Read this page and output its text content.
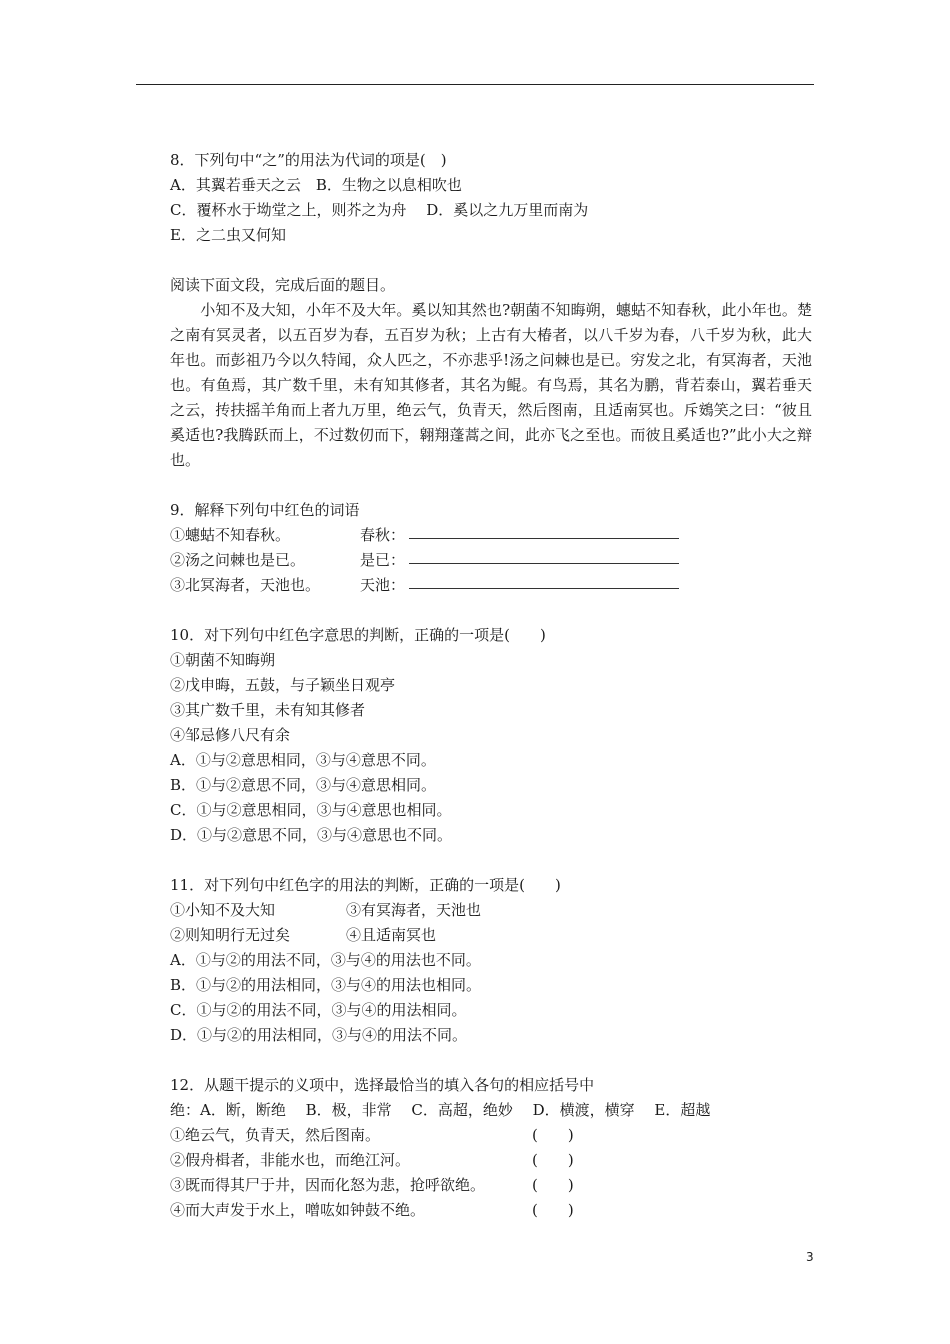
8．下列句中“之”的用法为代词的项是(　)
A．其翼若垂天之云　B．生物之以息相吹也
C．覆杯水于坳堂之上，则芥之为舟　 D．奚以之九万里而南为
E．之二虫又何知
阅读下面文段，完成后面的题目。
　　小知不及大知，小年不及大年。奚以知其然也?朝菌不知晦朔，蟪蛄不知春秋，此小年也。楚之南有冥灵者，以五百岁为春，五百岁为秋；上古有大椿者，以八千岁为春，八千岁为秋，此大年也。而彭祖乃今以久特闻，众人匹之，不亦悲乎!汤之问棘也是已。穷发之北，有冥海者，天池也。有鱼焉，其广数千里，未有知其修者，其名为鲲。有鸟焉，其名为鹏，背若泰山，翼若垂天之云，抟扶摇羊角而上者九万里，绝云气，负青天，然后图南，且适南冥也。斥鴳笑之曰：“彼且奚适也?我腾跃而上，不过数仞而下，翱翔蓬蒿之间，此亦飞之至也。而彼且奚适也?”此小大之辩也。
9．解释下列句中红色的词语
①蟪蛄不知春秋。	春秋：
②汤之问棘也是已。	是已：
③北冥海者，天池也。	天池：
10．对下列句中红色字意思的判断，正确的一项是(　　)
①朝菌不知晦朔
②戊申晦，五鼓，与子颖坐日观亭
③其广数千里，未有知其修者
④邹忌修八尺有余
A．①与②意思相同，③与④意思不同。
B．①与②意思不同，③与④意思相同。
C．①与②意思相同，③与④意思也相同。
D．①与②意思不同，③与④意思也不同。
11．对下列句中红色字的用法的判断，正确的一项是(　　)
①小知不及大知	③有冥海者，天池也
②则知明行无过矣	④且适南冥也
A．①与②的用法不同，③与④的用法也不同。
B．①与②的用法相同，③与④的用法也相同。
C．①与②的用法不同，③与④的用法相同。
D．①与②的用法相同，③与④的用法不同。
12．从题干提示的义项中，选择最恰当的填入各句的相应括号中
绝：A．断，断绝　 B．极，非常　 C．高超，绝妙　 D．横渡，横穿　 E．超越
①绝云气，负青天，然后图南。	(　　)
②假舟楫者，非能水也，而绝江河。	(　　)
③既而得其尸于井，因而化怒为悲，抢呼欲绝。	(　　)
④而大声发于水上，噌吰如钟鼓不绝。	(　　)
3
